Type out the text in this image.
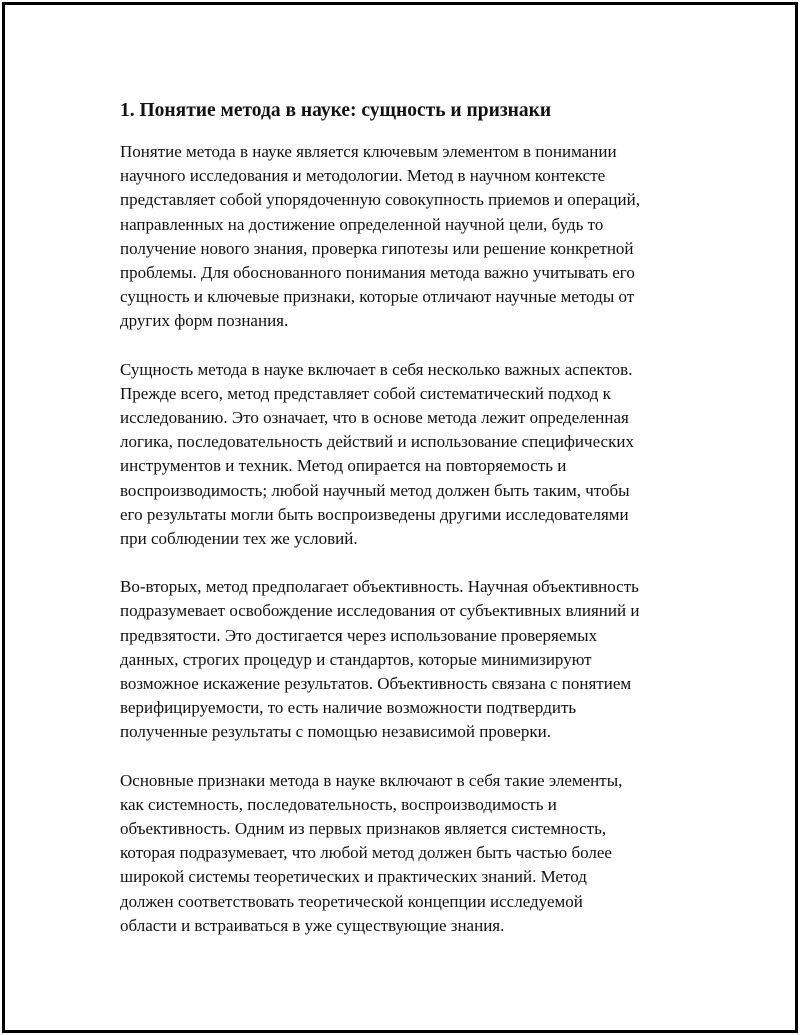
1. Понятие метода в науке: сущность и признаки

Понятие метода в науке является ключевым элементом в понимании
научного исследования и методологии. Метод в научном контексте
представляет собой упорядоченную совокупность приемов и операций,
направленных на достижение определенной научной цели, будь то
получение нового знания, проверка гипотезы или решение конкретной
проблемы. Для обоснованного понимания метода важно учитывать его
сущность и ключевые признаки, которые отличают научные методы от
других форм познания.

Сущность метода в науке включает в себя несколько важных аспектов.
Прежде всего, метод представляет собой систематический подход к
исследованию. Это означает, что в основе метода лежит определенная
логика, последовательность действий и использование специфических
инструментов и техник. Метод опирается на повторяемость и
воспроизводимость; любой научный метод должен быть таким, чтобы
его результаты могли быть воспроизведены другими исследователями
при соблюдении тех же условий.

Во-вторых, метод предполагает объективность. Научная объективность
подразумевает освобождение исследования от субъективных влияний и
предвзятости. Это достигается через использование проверяемых
данных, строгих процедур и стандартов, которые минимизируют
возможное искажение результатов. Объективность связана с понятием
верифицируемости, то есть наличие возможности подтвердить
полученные результаты с помощью независимой проверки.

Основные признаки метода в науке включают в себя такие элементы,
как системность, последовательность, воспроизводимость и
объективность. Одним из первых признаков является системность,
которая подразумевает, что любой метод должен быть частью более
широкой системы теоретических и практических знаний. Метод
должен соответствовать теоретической концепции исследуемой
области и встраиваться в уже существующие знания.
